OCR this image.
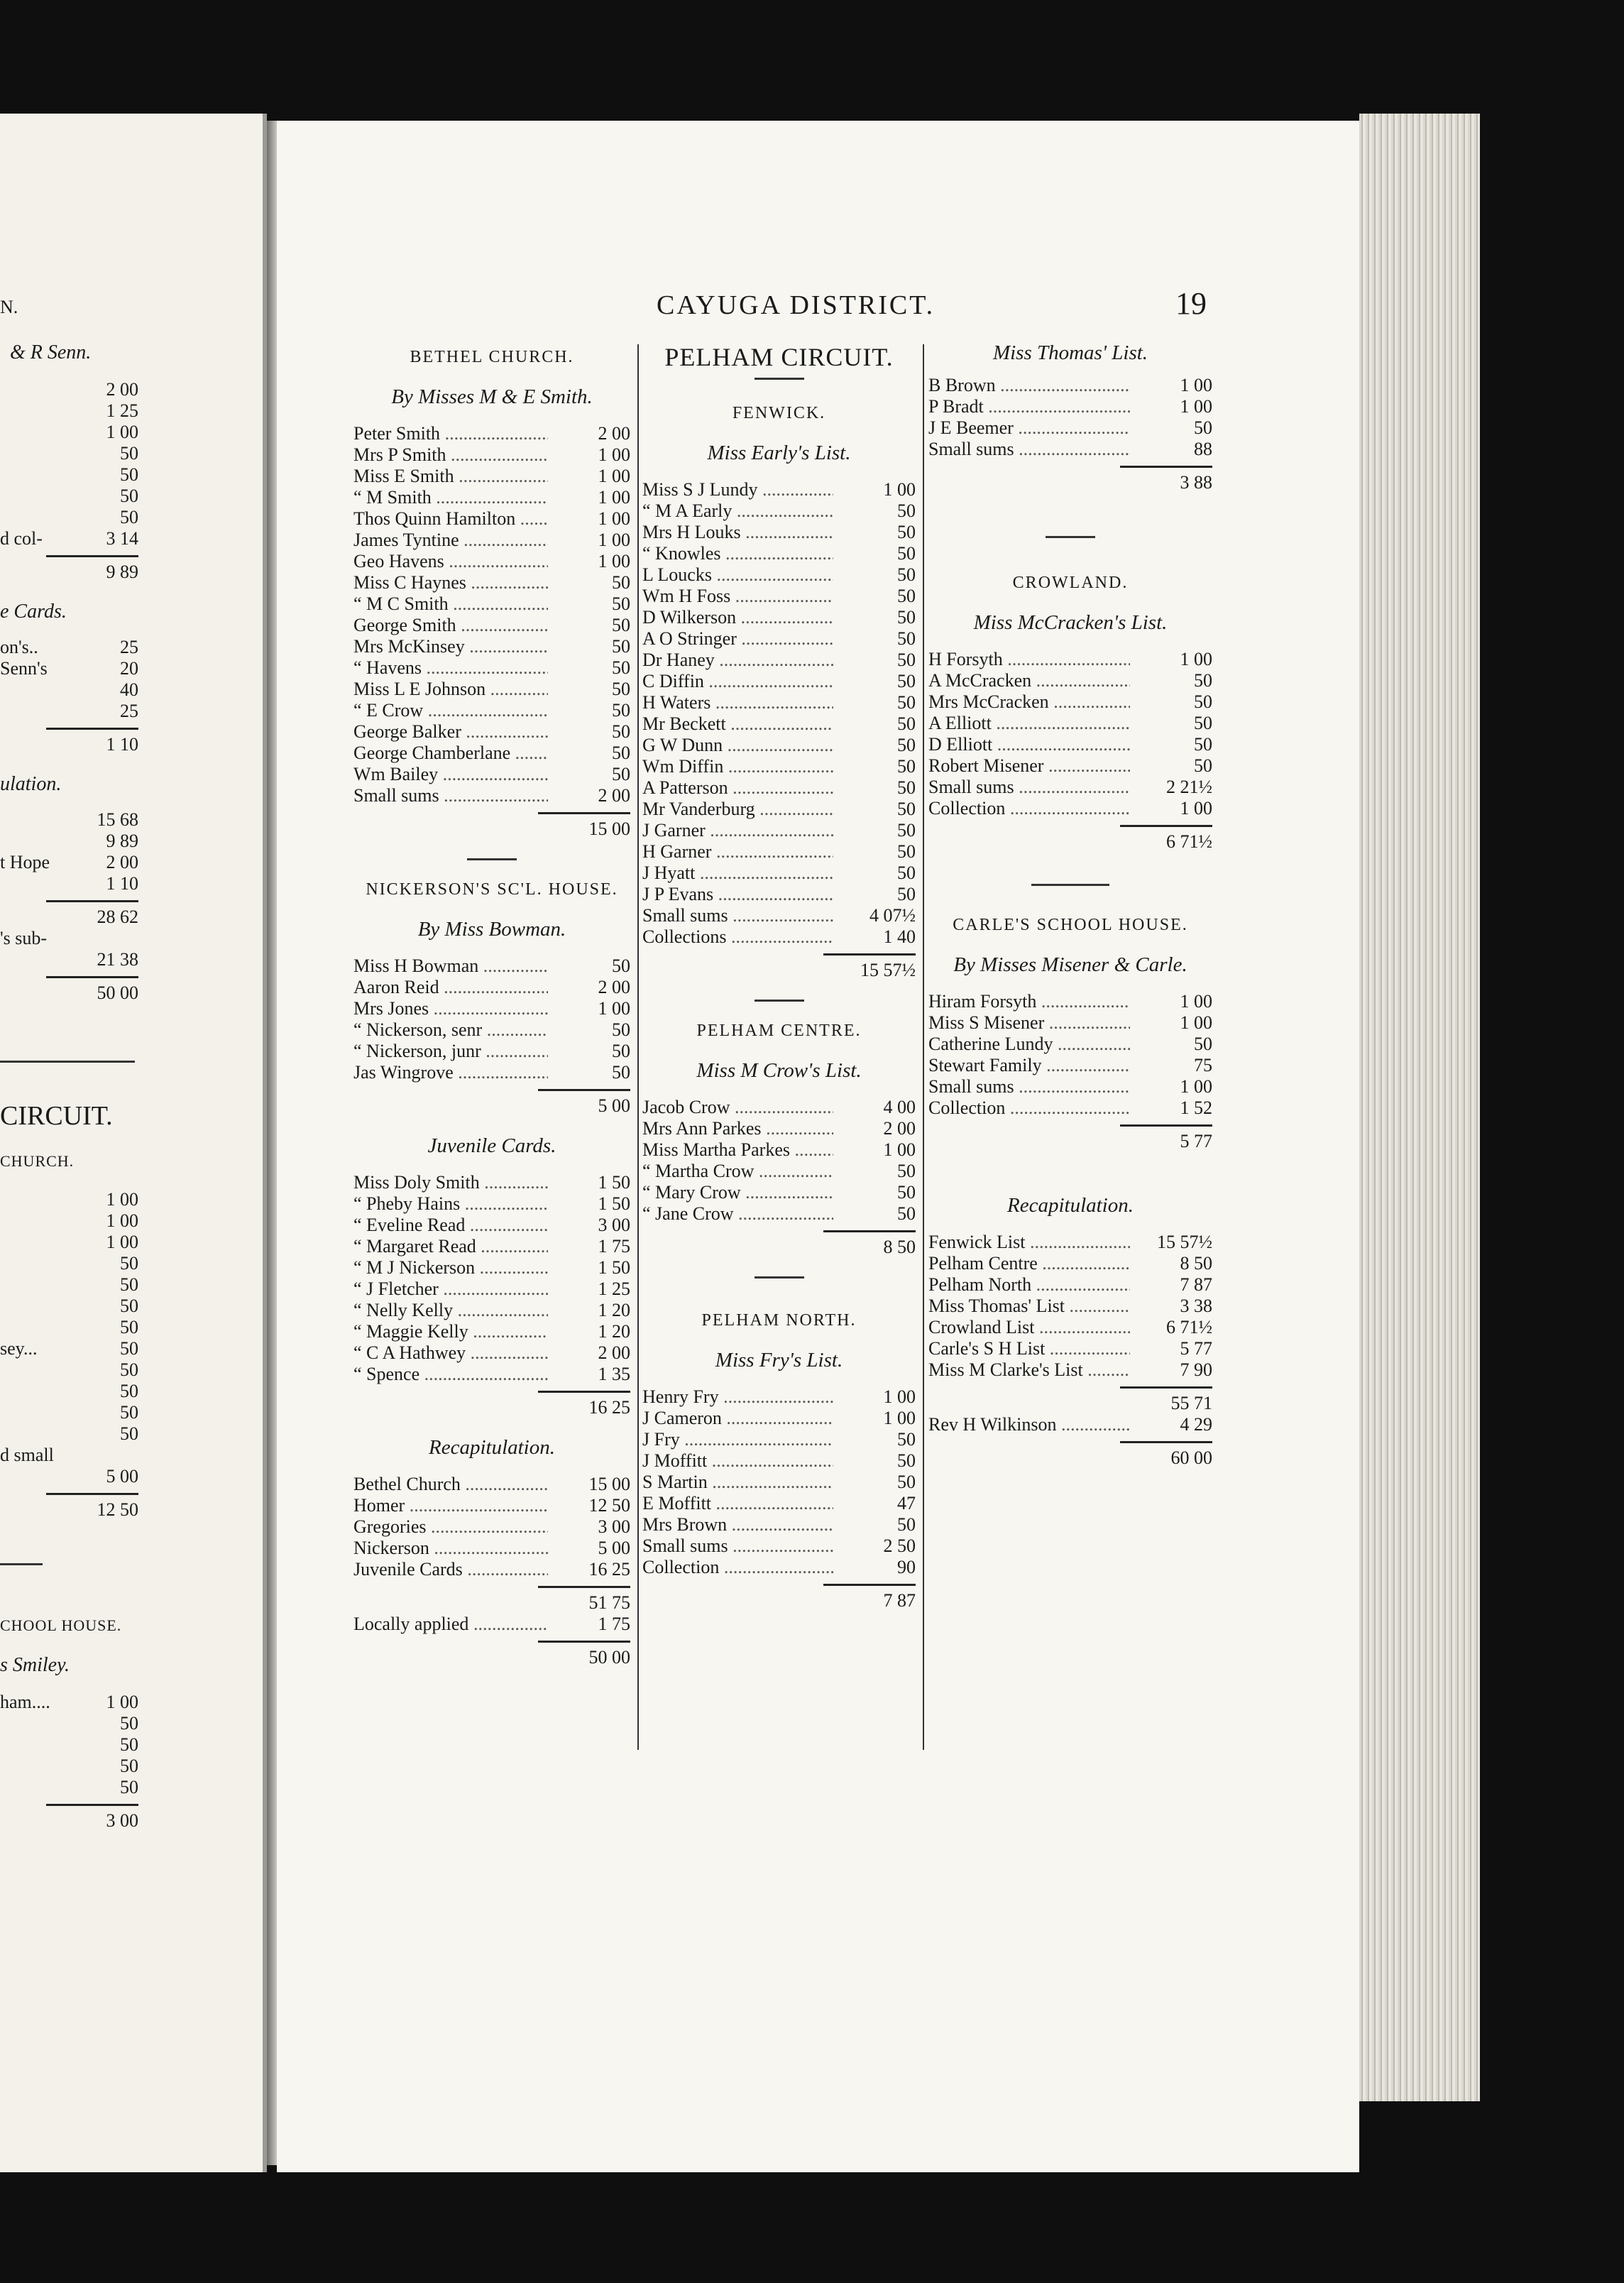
N.
& R Senn.
2 00
1 25
1 00
50
50
50
50
d col-	3 14
9 89
e Cards.
on's..	25
Senn's	20
40
25
1 10
ulation.
15 68
9 89
t Hope	2 00
1 10
28 62
's sub-
21 38
50 00
CIRCUIT.
CHURCH.
1 00
1 00
1 00
50
50
50
50
sey...	50
50
50
50
50
d small
5 00
12 50
CHOOL HOUSE.
s Smiley.
ham....	1 00
50
50
50
50
3 00
CAYUGA DISTRICT.	19
BETHEL CHURCH.
By Misses M & E Smith.
Peter Smith .....	2 00
Mrs P Smith .....	1 00
Miss E Smith .....	1 00
“ M Smith .....	1 00
Thos Quinn Hamilton .....	1 00
James Tyntine .....	1 00
Geo Havens .....	1 00
Miss C Haynes .....	50
“ M C Smith .....	50
George Smith .....	50
Mrs McKinsey .....	50
“ Havens .....	50
Miss L E Johnson .....	50
“ E Crow .....	50
George Balker .....	50
George Chamberlane .....	50
Wm Bailey .....	50
Small sums .....	2 00
15 00
NICKERSON'S SC'L. HOUSE.
By Miss Bowman.
Miss H Bowman .....	50
Aaron Reid .....	2 00
Mrs Jones .....	1 00
“ Nickerson, senr .....	50
“ Nickerson, junr .....	50
Jas Wingrove .....	50
5 00
Juvenile Cards.
Miss Doly Smith .....	1 50
“ Pheby Hains .....	1 50
“ Eveline Read .....	3 00
“ Margaret Read .....	1 75
“ M J Nickerson .....	1 50
“ J Fletcher .....	1 25
“ Nelly Kelly .....	1 20
“ Maggie Kelly .....	1 20
“ C A Hathwey .....	2 00
“ Spence .....	1 35
16 25
Recapitulation.
Bethel Church .....	15 00
Homer .....	12 50
Gregories .....	3 00
Nickerson .....	5 00
Juvenile Cards .....	16 25
51 75
Locally applied .....	1 75
50 00
PELHAM CIRCUIT.
FENWICK.
Miss Early's List.
Miss S J Lundy .....	1 00
“ M A Early .....	50
Mrs H Louks .....	50
“ Knowles .....	50
L Loucks .....	50
Wm H Foss .....	50
D Wilkerson .....	50
A O Stringer .....	50
Dr Haney .....	50
C Diffin .....	50
H Waters .....	50
Mr Beckett .....	50
G W Dunn .....	50
Wm Diffin .....	50
A Patterson .....	50
Mr Vanderburg .....	50
J Garner .....	50
H Garner .....	50
J Hyatt .....	50
J P Evans .....	50
Small sums .....	4 07½
Collections .....	1 40
15 57½
PELHAM CENTRE.
Miss M Crow's List.
Jacob Crow .....	4 00
Mrs Ann Parkes .....	2 00
Miss Martha Parkes .....	1 00
“ Martha Crow .....	50
“ Mary Crow .....	50
“ Jane Crow .....	50
8 50
PELHAM NORTH.
Miss Fry's List.
Henry Fry .....	1 00
J Cameron .....	1 00
J Fry .....	50
J Moffitt .....	50
S Martin .....	50
E Moffitt .....	47
Mrs Brown .....	50
Small sums .....	2 50
Collection .....	90
7 87
Miss Thomas' List.
B Brown .....	1 00
P Bradt .....	1 00
J E Beemer .....	50
Small sums .....	88
3 88
CROWLAND.
Miss McCracken's List.
H Forsyth .....	1 00
A McCracken .....	50
Mrs McCracken .....	50
A Elliott .....	50
D Elliott .....	50
Robert Misener .....	50
Small sums .....	2 21½
Collection .....	1 00
6 71½
CARLE'S SCHOOL HOUSE.
By Misses Misener & Carle.
Hiram Forsyth .....	1 00
Miss S Misener .....	1 00
Catherine Lundy .....	50
Stewart Family .....	75
Small sums .....	1 00
Collection .....	1 52
5 77
Recapitulation.
Fenwick List .....	15 57½
Pelham Centre .....	8 50
Pelham North .....	7 87
Miss Thomas' List .....	3 38
Crowland List .....	6 71½
Carle's S H List .....	5 77
Miss M Clarke's List .....	7 90
55 71
Rev H Wilkinson .....	4 29
60 00
